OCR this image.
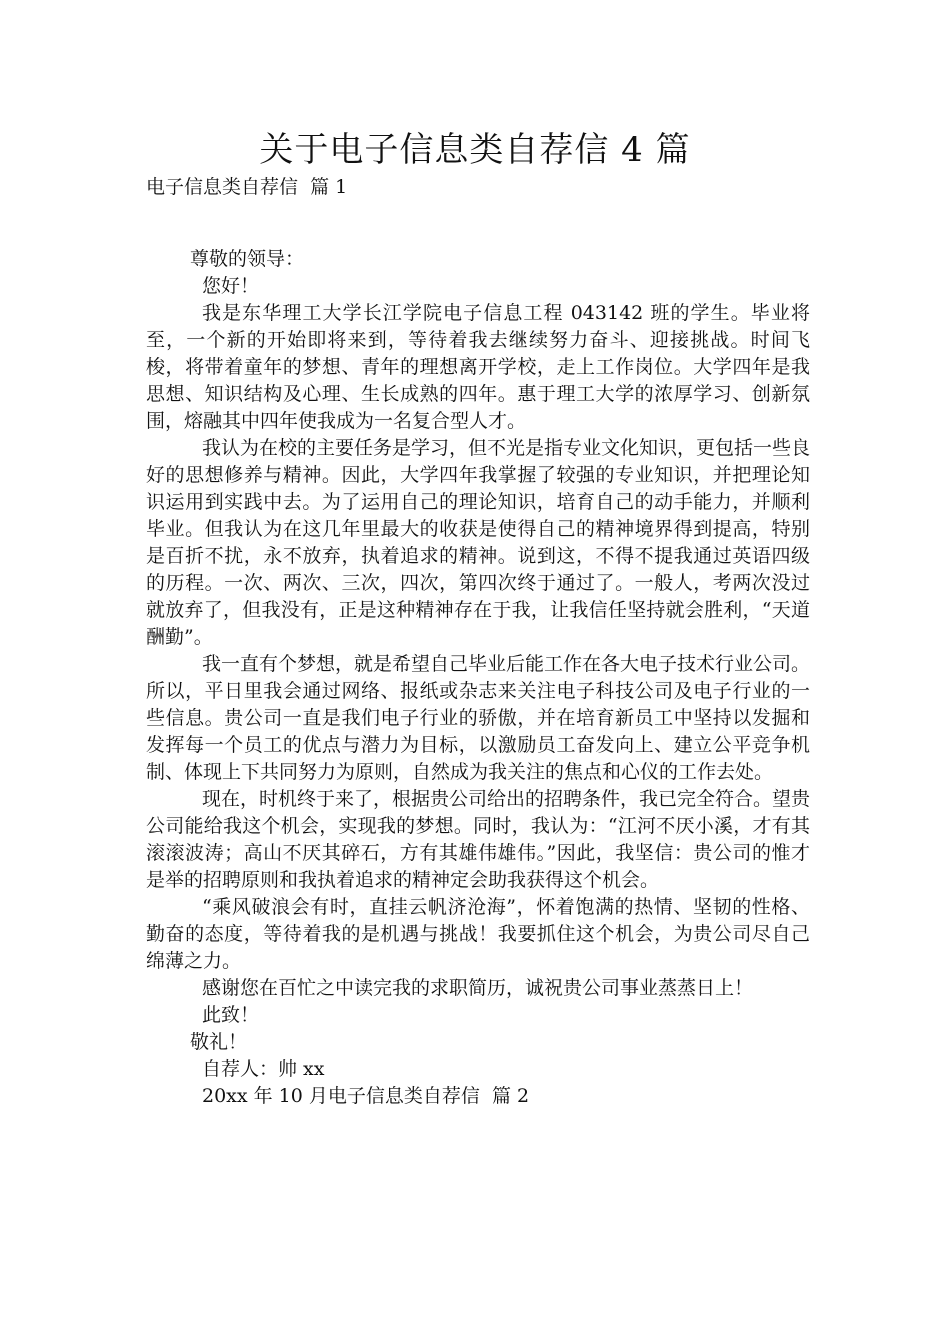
关于电子信息类自荐信 4 篇
电子信息类自荐信  篇 1
尊敬的领导：
您好！
我是东华理工大学长江学院电子信息工程 043142 班的学生。毕业将至，一个新的开始即将来到，等待着我去继续努力奋斗、迎接挑战。时间飞梭，将带着童年的梦想、青年的理想离开学校，走上工作岗位。大学四年是我思想、知识结构及心理、生长成熟的四年。惠于理工大学的浓厚学习、创新氛围，熔融其中四年使我成为一名复合型人才。
我认为在校的主要任务是学习，但不光是指专业文化知识，更包括一些良好的思想修养与精神。因此，大学四年我掌握了较强的专业知识，并把理论知识运用到实践中去。为了运用自己的理论知识，培育自己的动手能力，并顺利毕业。但我认为在这几年里最大的收获是使得自己的精神境界得到提高，特别是百折不扰，永不放弃，执着追求的精神。说到这，不得不提我通过英语四级的历程。一次、两次、三次，四次，第四次终于通过了。一般人，考两次没过就放弃了，但我没有，正是这种精神存在于我，让我信任坚持就会胜利，“天道酬勤”。
我一直有个梦想，就是希望自己毕业后能工作在各大电子技术行业公司。所以，平日里我会通过网络、报纸或杂志来关注电子科技公司及电子行业的一些信息。贵公司一直是我们电子行业的骄傲，并在培育新员工中坚持以发掘和发挥每一个员工的优点与潜力为目标，以激励员工奋发向上、建立公平竞争机制、体现上下共同努力为原则，自然成为我关注的焦点和心仪的工作去处。
现在，时机终于来了，根据贵公司给出的招聘条件，我已完全符合。望贵公司能给我这个机会，实现我的梦想。同时，我认为：“江河不厌小溪，才有其滚滚波涛；高山不厌其碎石，方有其雄伟雄伟。”因此，我坚信：贵公司的惟才是举的招聘原则和我执着追求的精神定会助我获得这个机会。
“乘风破浪会有时，直挂云帆济沧海”，怀着饱满的热情、坚韧的性格、勤奋的态度，等待着我的是机遇与挑战！我要抓住这个机会，为贵公司尽自己绵薄之力。
感谢您在百忙之中读完我的求职简历，诚祝贵公司事业蒸蒸日上！
此致！
敬礼！
自荐人：帅 xx
20xx 年 10 月电子信息类自荐信  篇 2
